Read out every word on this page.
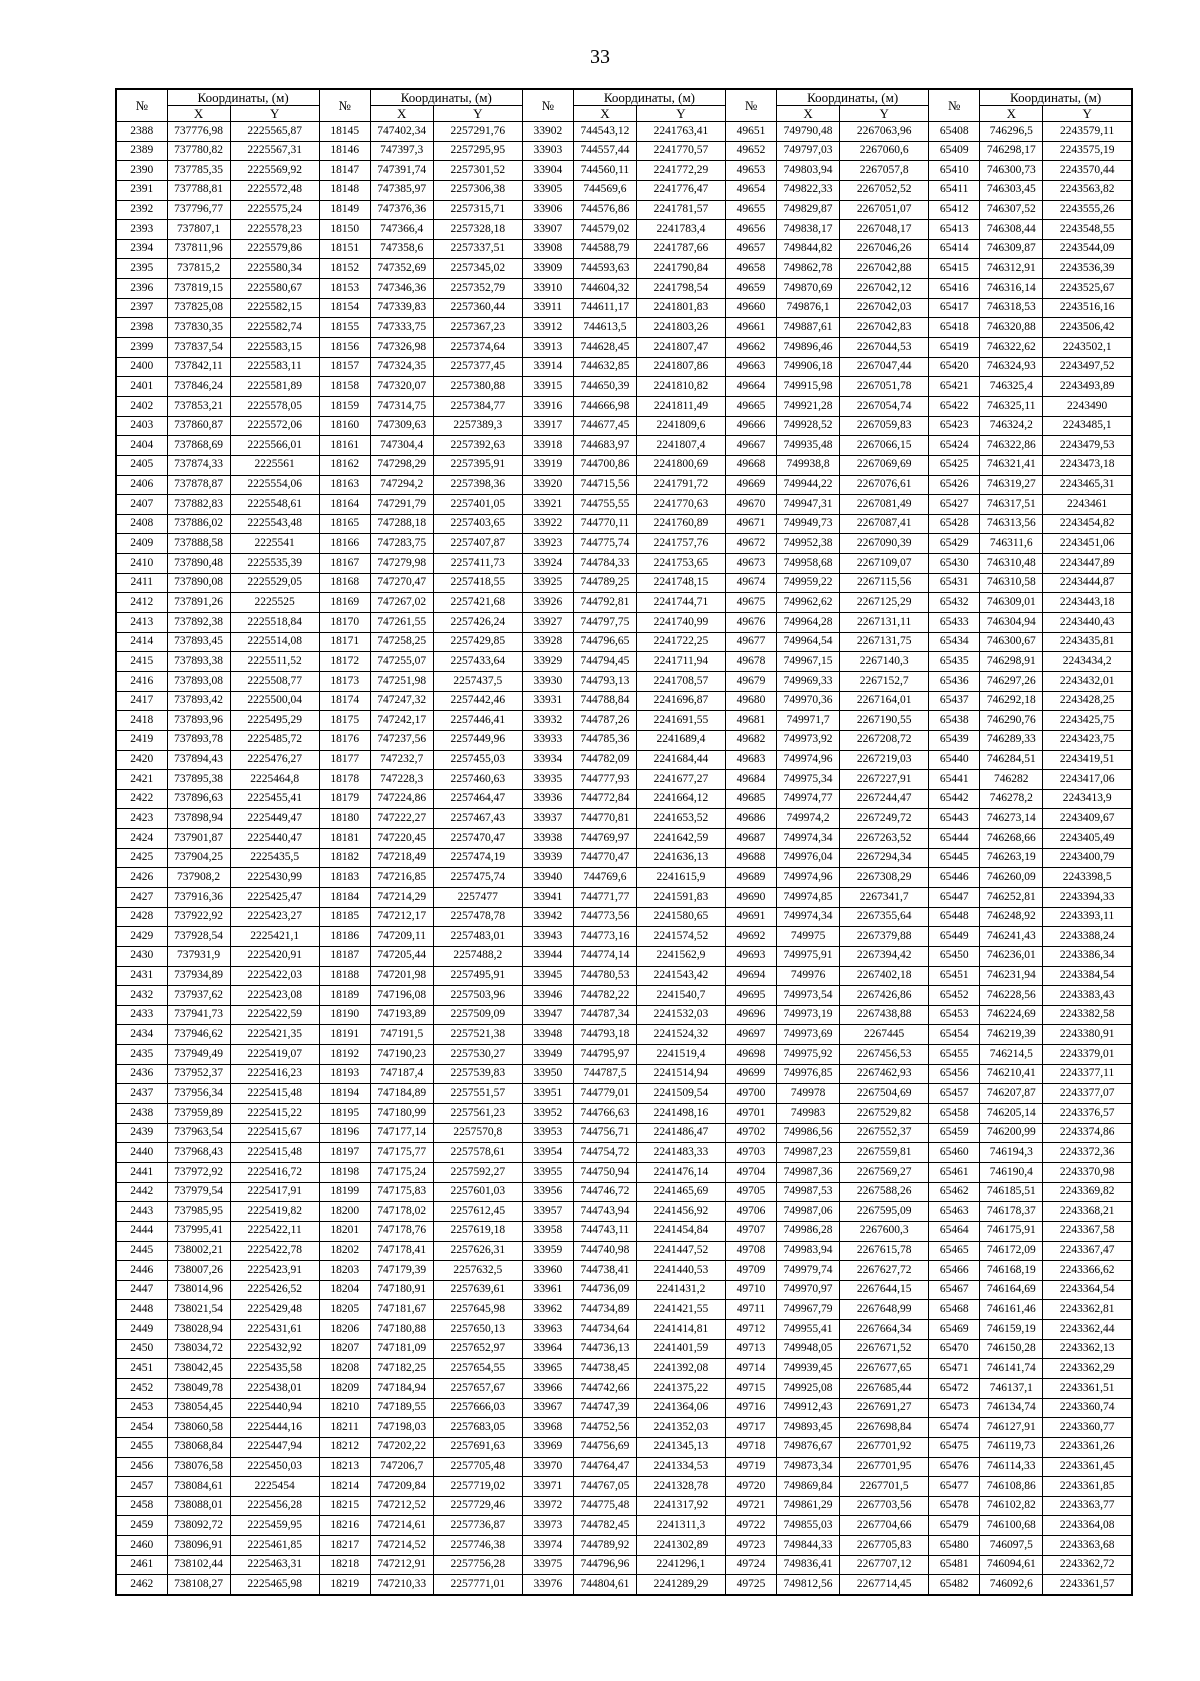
33
№	Координаты, (м)		№	Координаты, (м)		№	Координаты, (м)		№	Координаты, (м)		№	Координаты, (м)	
	X	Y		X	Y		X	Y		X	Y		X	Y
2388	737776,98	2225565,87	18145	747402,34	2257291,76	33902	744543,12	2241763,41	49651	749790,48	2267063,96	65408	746296,5	2243579,11
2389	737780,82	2225567,31	18146	747397,3	2257295,95	33903	744557,44	2241770,57	49652	749797,03	2267060,6	65409	746298,17	2243575,19
2390	737785,35	2225569,92	18147	747391,74	2257301,52	33904	744560,11	2241772,29	49653	749803,94	2267057,8	65410	746300,73	2243570,44
2391	737788,81	2225572,48	18148	747385,97	2257306,38	33905	744569,6	2241776,47	49654	749822,33	2267052,52	65411	746303,45	2243563,82
2392	737796,77	2225575,24	18149	747376,36	2257315,71	33906	744576,86	2241781,57	49655	749829,87	2267051,07	65412	746307,52	2243555,26
2393	737807,1	2225578,23	18150	747366,4	2257328,18	33907	744579,02	2241783,4	49656	749838,17	2267048,17	65413	746308,44	2243548,55
2394	737811,96	2225579,86	18151	747358,6	2257337,51	33908	744588,79	2241787,66	49657	749844,82	2267046,26	65414	746309,87	2243544,09
2395	737815,2	2225580,34	18152	747352,69	2257345,02	33909	744593,63	2241790,84	49658	749862,78	2267042,88	65415	746312,91	2243536,39
2396	737819,15	2225580,67	18153	747346,36	2257352,79	33910	744604,32	2241798,54	49659	749870,69	2267042,12	65416	746316,14	2243525,67
2397	737825,08	2225582,15	18154	747339,83	2257360,44	33911	744611,17	2241801,83	49660	749876,1	2267042,03	65417	746318,53	2243516,16
2398	737830,35	2225582,74	18155	747333,75	2257367,23	33912	744613,5	2241803,26	49661	749887,61	2267042,83	65418	746320,88	2243506,42
2399	737837,54	2225583,15	18156	747326,98	2257374,64	33913	744628,45	2241807,47	49662	749896,46	2267044,53	65419	746322,62	2243502,1
2400	737842,11	2225583,11	18157	747324,35	2257377,45	33914	744632,85	2241807,86	49663	749906,18	2267047,44	65420	746324,93	2243497,52
2401	737846,24	2225581,89	18158	747320,07	2257380,88	33915	744650,39	2241810,82	49664	749915,98	2267051,78	65421	746325,4	2243493,89
2402	737853,21	2225578,05	18159	747314,75	2257384,77	33916	744666,98	2241811,49	49665	749921,28	2267054,74	65422	746325,11	2243490
2403	737860,87	2225572,06	18160	747309,63	2257389,3	33917	744677,45	2241809,6	49666	749928,52	2267059,83	65423	746324,2	2243485,1
2404	737868,69	2225566,01	18161	747304,4	2257392,63	33918	744683,97	2241807,4	49667	749935,48	2267066,15	65424	746322,86	2243479,53
2405	737874,33	2225561	18162	747298,29	2257395,91	33919	744700,86	2241800,69	49668	749938,8	2267069,69	65425	746321,41	2243473,18
2406	737878,87	2225554,06	18163	747294,2	2257398,36	33920	744715,56	2241791,72	49669	749944,22	2267076,61	65426	746319,27	2243465,31
2407	737882,83	2225548,61	18164	747291,79	2257401,05	33921	744755,55	2241770,63	49670	749947,31	2267081,49	65427	746317,51	2243461
2408	737886,02	2225543,48	18165	747288,18	2257403,65	33922	744770,11	2241760,89	49671	749949,73	2267087,41	65428	746313,56	2243454,82
2409	737888,58	2225541	18166	747283,75	2257407,87	33923	744775,74	2241757,76	49672	749952,38	2267090,39	65429	746311,6	2243451,06
2410	737890,48	2225535,39	18167	747279,98	2257411,73	33924	744784,33	2241753,65	49673	749958,68	2267109,07	65430	746310,48	2243447,89
2411	737890,08	2225529,05	18168	747270,47	2257418,55	33925	744789,25	2241748,15	49674	749959,22	2267115,56	65431	746310,58	2243444,87
2412	737891,26	2225525	18169	747267,02	2257421,68	33926	744792,81	2241744,71	49675	749962,62	2267125,29	65432	746309,01	2243443,18
2413	737892,38	2225518,84	18170	747261,55	2257426,24	33927	744797,75	2241740,99	49676	749964,28	2267131,11	65433	746304,94	2243440,43
2414	737893,45	2225514,08	18171	747258,25	2257429,85	33928	744796,65	2241722,25	49677	749964,54	2267131,75	65434	746300,67	2243435,81
2415	737893,38	2225511,52	18172	747255,07	2257433,64	33929	744794,45	2241711,94	49678	749967,15	2267140,3	65435	746298,91	2243434,2
2416	737893,08	2225508,77	18173	747251,98	2257437,5	33930	744793,13	2241708,57	49679	749969,33	2267152,7	65436	746297,26	2243432,01
2417	737893,42	2225500,04	18174	747247,32	2257442,46	33931	744788,84	2241696,87	49680	749970,36	2267164,01	65437	746292,18	2243428,25
2418	737893,96	2225495,29	18175	747242,17	2257446,41	33932	744787,26	2241691,55	49681	749971,7	2267190,55	65438	746290,76	2243425,75
2419	737893,78	2225485,72	18176	747237,56	2257449,96	33933	744785,36	2241689,4	49682	749973,92	2267208,72	65439	746289,33	2243423,75
2420	737894,43	2225476,27	18177	747232,7	2257455,03	33934	744782,09	2241684,44	49683	749974,96	2267219,03	65440	746284,51	2243419,51
2421	737895,38	2225464,8	18178	747228,3	2257460,63	33935	744777,93	2241677,27	49684	749975,34	2267227,91	65441	746282	2243417,06
2422	737896,63	2225455,41	18179	747224,86	2257464,47	33936	744772,84	2241664,12	49685	749974,77	2267244,47	65442	746278,2	2243413,9
2423	737898,94	2225449,47	18180	747222,27	2257467,43	33937	744770,81	2241653,52	49686	749974,2	2267249,72	65443	746273,14	2243409,67
2424	737901,87	2225440,47	18181	747220,45	2257470,47	33938	744769,97	2241642,59	49687	749974,34	2267263,52	65444	746268,66	2243405,49
2425	737904,25	2225435,5	18182	747218,49	2257474,19	33939	744770,47	2241636,13	49688	749976,04	2267294,34	65445	746263,19	2243400,79
2426	737908,2	2225430,99	18183	747216,85	2257475,74	33940	744769,6	2241615,9	49689	749974,96	2267308,29	65446	746260,09	2243398,5
2427	737916,36	2225425,47	18184	747214,29	2257477	33941	744771,77	2241591,83	49690	749974,85	2267341,7	65447	746252,81	2243394,33
2428	737922,92	2225423,27	18185	747212,17	2257478,78	33942	744773,56	2241580,65	49691	749974,34	2267355,64	65448	746248,92	2243393,11
2429	737928,54	2225421,1	18186	747209,11	2257483,01	33943	744773,16	2241574,52	49692	749975	2267379,88	65449	746241,43	2243388,24
2430	737931,9	2225420,91	18187	747205,44	2257488,2	33944	744774,14	2241562,9	49693	749975,91	2267394,42	65450	746236,01	2243386,34
2431	737934,89	2225422,03	18188	747201,98	2257495,91	33945	744780,53	2241543,42	49694	749976	2267402,18	65451	746231,94	2243384,54
2432	737937,62	2225423,08	18189	747196,08	2257503,96	33946	744782,22	2241540,7	49695	749973,54	2267426,86	65452	746228,56	2243383,43
2433	737941,73	2225422,59	18190	747193,89	2257509,09	33947	744787,34	2241532,03	49696	749973,19	2267438,88	65453	746224,69	2243382,58
2434	737946,62	2225421,35	18191	747191,5	2257521,38	33948	744793,18	2241524,32	49697	749973,69	2267445	65454	746219,39	2243380,91
2435	737949,49	2225419,07	18192	747190,23	2257530,27	33949	744795,97	2241519,4	49698	749975,92	2267456,53	65455	746214,5	2243379,01
2436	737952,37	2225416,23	18193	747187,4	2257539,83	33950	744787,5	2241514,94	49699	749976,85	2267462,93	65456	746210,41	2243377,11
2437	737956,34	2225415,48	18194	747184,89	2257551,57	33951	744779,01	2241509,54	49700	749978	2267504,69	65457	746207,87	2243377,07
2438	737959,89	2225415,22	18195	747180,99	2257561,23	33952	744766,63	2241498,16	49701	749983	2267529,82	65458	746205,14	2243376,57
2439	737963,54	2225415,67	18196	747177,14	2257570,8	33953	744756,71	2241486,47	49702	749986,56	2267552,37	65459	746200,99	2243374,86
2440	737968,43	2225415,48	18197	747175,77	2257578,61	33954	744754,72	2241483,33	49703	749987,23	2267559,81	65460	746194,3	2243372,36
2441	737972,92	2225416,72	18198	747175,24	2257592,27	33955	744750,94	2241476,14	49704	749987,36	2267569,27	65461	746190,4	2243370,98
2442	737979,54	2225417,91	18199	747175,83	2257601,03	33956	744746,72	2241465,69	49705	749987,53	2267588,26	65462	746185,51	2243369,82
2443	737985,95	2225419,82	18200	747178,02	2257612,45	33957	744743,94	2241456,92	49706	749987,06	2267595,09	65463	746178,37	2243368,21
2444	737995,41	2225422,11	18201	747178,76	2257619,18	33958	744743,11	2241454,84	49707	749986,28	2267600,3	65464	746175,91	2243367,58
2445	738002,21	2225422,78	18202	747178,41	2257626,31	33959	744740,98	2241447,52	49708	749983,94	2267615,78	65465	746172,09	2243367,47
2446	738007,26	2225423,91	18203	747179,39	2257632,5	33960	744738,41	2241440,53	49709	749979,74	2267627,72	65466	746168,19	2243366,62
2447	738014,96	2225426,52	18204	747180,91	2257639,61	33961	744736,09	2241431,2	49710	749970,97	2267644,15	65467	746164,69	2243364,54
2448	738021,54	2225429,48	18205	747181,67	2257645,98	33962	744734,89	2241421,55	49711	749967,79	2267648,99	65468	746161,46	2243362,81
2449	738028,94	2225431,61	18206	747180,88	2257650,13	33963	744734,64	2241414,81	49712	749955,41	2267664,34	65469	746159,19	2243362,44
2450	738034,72	2225432,92	18207	747181,09	2257652,97	33964	744736,13	2241401,59	49713	749948,05	2267671,52	65470	746150,28	2243362,13
2451	738042,45	2225435,58	18208	747182,25	2257654,55	33965	744738,45	2241392,08	49714	749939,45	2267677,65	65471	746141,74	2243362,29
2452	738049,78	2225438,01	18209	747184,94	2257657,67	33966	744742,66	2241375,22	49715	749925,08	2267685,44	65472	746137,1	2243361,51
2453	738054,45	2225440,94	18210	747189,55	2257666,03	33967	744747,39	2241364,06	49716	749912,43	2267691,27	65473	746134,74	2243360,74
2454	738060,58	2225444,16	18211	747198,03	2257683,05	33968	744752,56	2241352,03	49717	749893,45	2267698,84	65474	746127,91	2243360,77
2455	738068,84	2225447,94	18212	747202,22	2257691,63	33969	744756,69	2241345,13	49718	749876,67	2267701,92	65475	746119,73	2243361,26
2456	738076,58	2225450,03	18213	747206,7	2257705,48	33970	744764,47	2241334,53	49719	749873,34	2267701,95	65476	746114,33	2243361,45
2457	738084,61	2225454	18214	747209,84	2257719,02	33971	744767,05	2241328,78	49720	749869,84	2267701,5	65477	746108,86	2243361,85
2458	738088,01	2225456,28	18215	747212,52	2257729,46	33972	744775,48	2241317,92	49721	749861,29	2267703,56	65478	746102,82	2243363,77
2459	738092,72	2225459,95	18216	747214,61	2257736,87	33973	744782,45	2241311,3	49722	749855,03	2267704,66	65479	746100,68	2243364,08
2460	738096,91	2225461,85	18217	747214,52	2257746,38	33974	744789,92	2241302,89	49723	749844,33	2267705,83	65480	746097,5	2243363,68
2461	738102,44	2225463,31	18218	747212,91	2257756,28	33975	744796,96	2241296,1	49724	749836,41	2267707,12	65481	746094,61	2243362,72
2462	738108,27	2225465,98	18219	747210,33	2257771,01	33976	744804,61	2241289,29	49725	749812,56	2267714,45	65482	746092,6	2243361,57
